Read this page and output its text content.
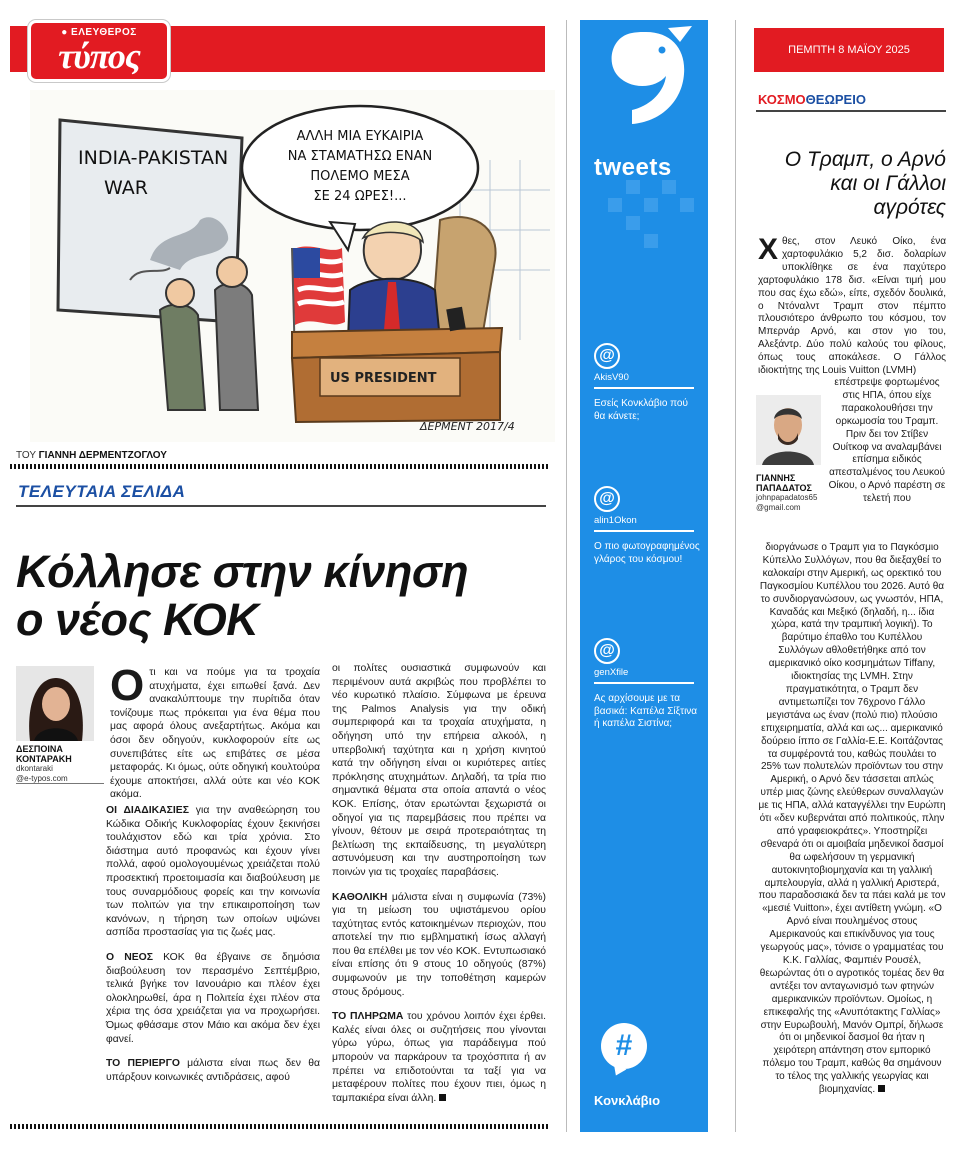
● ΕΛΕΥΘΕΡΟΣ
τύπος
INDIA-PAKISTAN
WAR
ΑΛΛΗ ΜΙΑ ΕΥΚΑΙΡΙΑ
ΝΑ ΣΤΑΜΑΤΗΣΩ ΕΝΑΝ
ΠΟΛΕΜΟ ΜΕΣΑ
ΣΕ 24 ΩΡΕΣ!...
US PRESIDENT
ΔΕΡΜΕΝΤ 2017/4
ΤΟΥ ΓΙΑΝΝΗ ΔΕΡΜΕΝΤΖΟΓΛΟΥ
ΤΕΛΕΥΤΑΙΑ ΣΕΛΙΔΑ
Κόλλησε στην κίνηση
ο νέος ΚΟΚ
ΔΕΣΠΟΙΝΑ
ΚΟΝΤΑΡΑΚΗ
dkontaraki
@e-typos.com

Οτι και να πούμε για τα τροχαία ατυχήματα, έχει ειπωθεί ξανά. Δεν ανακαλύπτουμε την πυρίτιδα όταν τονίζουμε πως πρόκειται για ένα θέμα που μας αφορά όλους ανεξαρτήτως. Ακόμα και όσοι δεν οδηγούν, κυκλοφορούν είτε ως συνεπιβάτες είτε ως επιβάτες σε μέσα μεταφοράς. Κι όμως, ούτε οδηγική κουλτούρα έχουμε αποκτήσει, αλλά ούτε και νέο ΚΟΚ ακόμα.

ΟΙ ΔΙΑΔΙΚΑΣΙΕΣ για την αναθεώρηση του Κώδικα Οδικής Κυκλοφορίας έχουν ξεκινήσει τουλάχιστον εδώ και τρία χρόνια. Στο διάστημα αυτό προφανώς και έχουν γίνει πολλά, αφού ομολογουμένως χρειάζεται πολύ προσεκτική προετοιμασία και διαβούλευση με τους συναρμόδιους φορείς και την κοινωνία των πολιτών για την επικαιροποίηση των κανόνων, η τήρηση των οποίων υψώνει ασπίδα προστασίας για τις ζωές μας.

Ο ΝΕΟΣ ΚΟΚ θα έβγαινε σε δημόσια διαβούλευση τον περασμένο Σεπτέμβριο, τελικά βγήκε τον Ιανουάριο και πλέον έχει ολοκληρωθεί, άρα η Πολιτεία έχει πλέον στα χέρια της όσα χρειάζεται για να προχωρήσει. Όμως φθάσαμε στον Μάιο και ακόμα δεν έχει φανεί.

ΤΟ ΠΕΡΙΕΡΓΟ μάλιστα είναι πως δεν θα υπάρξουν κοινωνικές αντιδράσεις, αφού

οι πολίτες ουσιαστικά συμφωνούν και περιμένουν αυτά ακριβώς που προβλέπει το νέο κυρωτικό πλαίσιο. Σύμφωνα με έρευνα της Palmos Analysis για την οδική συμπεριφορά και τα τροχαία ατυχήματα, η οδήγηση υπό την επήρεια αλκοόλ, η υπερβολική ταχύτητα και η χρήση κινητού κατά την οδήγηση είναι οι κυριότερες αιτίες πρόκλησης ατυχημάτων. Δηλαδή, τα τρία πιο σημαντικά θέματα στα οποία απαντά ο νέος ΚΟΚ. Επίσης, όταν ερωτώνται ξεχωριστά οι οδηγοί για τις παρεμβάσεις που πρέπει να γίνουν, θέτουν με σειρά προτεραιότητας τη βελτίωση της εκπαίδευσης, τη μεγαλύτερη αστυνόμευση και την αυστηροποίηση των ποινών για τις τροχαίες παραβάσεις.

ΚΑΘΟΛΙΚΗ μάλιστα είναι η συμφωνία (73%) για τη μείωση του υψιστάμενου ορίου ταχύτητας εντός κατοικημένων περιοχών, που αποτελεί την πιο εμβληματική ίσως αλλαγή που θα επέλθει με τον νέο ΚΟΚ. Εντυπωσιακό είναι επίσης ότι 9 στους 10 οδηγούς (87%) συμφωνούν με την τοποθέτηση καμερών στους δρόμους.

ΤΟ ΠΛΗΡΩΜΑ του χρόνου λοιπόν έχει έρθει. Καλές είναι όλες οι συζητήσεις που γίνονται γύρω γύρω, όπως για παράδειγμα πού μπορούν να παρκάρουν τα τροχόσπιτα ή αν πρέπει να επιδοτούνται τα ταξί για να μεταφέρουν πολίτες που έχουν πιει, όμως η ταμπακιέρα είναι άλλη.

tweets
@
AkisV90
Εσείς Κονκλάβιο πού θα κάνετε;
@
alin1Okon
Ο πιο φωτογραφημένος γλάρος του κόσμου!
@
genXfile
Ας αρχίσουμε με τα βασικά: Καπέλα Σίξτινα ή καπέλα Σιστίνα;
#
Κονκλάβιο
ΠΕΜΠΤΗ 8 ΜΑΪΟΥ 2025
ΚΟΣΜΟΘΕΩΡΕΙΟ
Ο Τραμπ, ο Αρνό και οι Γάλλοι αγρότες
Χθες, στον Λευκό Οίκο, ένα χαρτοφυλάκιο 5,2 δισ. δολαρίων υποκλίθηκε σε ένα παχύτερο χαρτοφυλάκιο 178 δισ. «Είναι τιμή μου που σας έχω εδώ», είπε, σχεδόν δουλικά, ο Ντόναλντ Τραμπ στον πέμπτο πλουσιότερο άνθρωπο του κόσμου, τον Μπερνάρ Αρνό, και στον γιο του, Αλεξάντρ. Δύο πολύ καλούς του φίλους, όπως τους αποκάλεσε. Ο Γάλλος ιδιοκτήτης της Louis Vuitton (LVMH)
ΓΙΑΝΝΗΣ
ΠΑΠΑΔΑΤΟΣ
johnpapadatos65
@gmail.com
επέστρεψε φορτωμένος στις ΗΠΑ, όπου είχε παρακολουθήσει την ορκωμοσία του Τραμπ. Πριν δει τον Στίβεν Ουίτκοφ να αναλαμβάνει επίσημα ειδικός απεσταλμένος του Λευκού Οίκου, ο Αρνό παρέστη σε τελετή που
διοργάνωσε ο Τραμπ για το Παγκόσμιο Κύπελλο Συλλόγων, που θα διεξαχθεί το καλοκαίρι στην Αμερική, ως ορεκτικό του Παγκοσμίου Κυπέλλου του 2026. Αυτό θα το συνδιοργανώσουν, ως γνωστόν, ΗΠΑ, Καναδάς και Μεξικό (δηλαδή, η... ίδια χώρα, κατά την τραμπική λογική). Το βαρύτιμο έπαθλο του Κυπέλλου Συλλόγων αθλοθετήθηκε από τον αμερικανικό οίκο κοσμημάτων Tiffany, ιδιοκτησίας της LVMH. Στην πραγματικότητα, ο Τραμπ δεν αντιμετωπίζει τον 76χρονο Γάλλο μεγιστάνα ως έναν (πολύ πιο) πλούσιο επιχειρηματία, αλλά και ως... αμερικανικό δούρειο ίππο σε Γαλλία-Ε.Ε. Κοιτάζοντας τα συμφέροντά του, καθώς πουλάει το 25% των πολυτελών προϊόντων του στην Αμερική, ο Αρνό δεν τάσσεται απλώς υπέρ μιας ζώνης ελεύθερων συναλλαγών με τις ΗΠΑ, αλλά καταγγέλλει την Ευρώπη ότι «δεν κυβερνάται από πολιτικούς, πλην από γραφειοκράτες». Υποστηρίζει σθεναρά ότι οι αμοιβαία μηδενικοί δασμοί θα ωφελήσουν τη γερμανική αυτοκινητοβιομηχανία και τη γαλλική αμπελουργία, αλλά η γαλλική Αριστερά, που παραδοσιακά δεν τα πάει καλά με τον «μεσιέ Vuitton», έχει αντίθετη γνώμη. «Ο Αρνό είναι πουλημένος στους Αμερικανούς και επικίνδυνος για τους γεωργούς μας», τόνισε ο γραμματέας του Κ.Κ. Γαλλίας, Φαμπιέν Ρουσέλ, θεωρώντας ότι ο αγροτικός τομέας δεν θα αντέξει τον ανταγωνισμό των φτηνών αμερικανικών προϊόντων. Ομοίως, η επικεφαλής της «Ανυπότακτης Γαλλίας» στην Ευρωβουλή, Μανόν Ομπρί, δήλωσε ότι οι μηδενικοί δασμοί θα ήταν η χειρότερη απάντηση στον εμπορικό πόλεμο του Τραμπ, καθώς θα σημάνουν το τέλος της γαλλικής γεωργίας και βιομηχανίας.
